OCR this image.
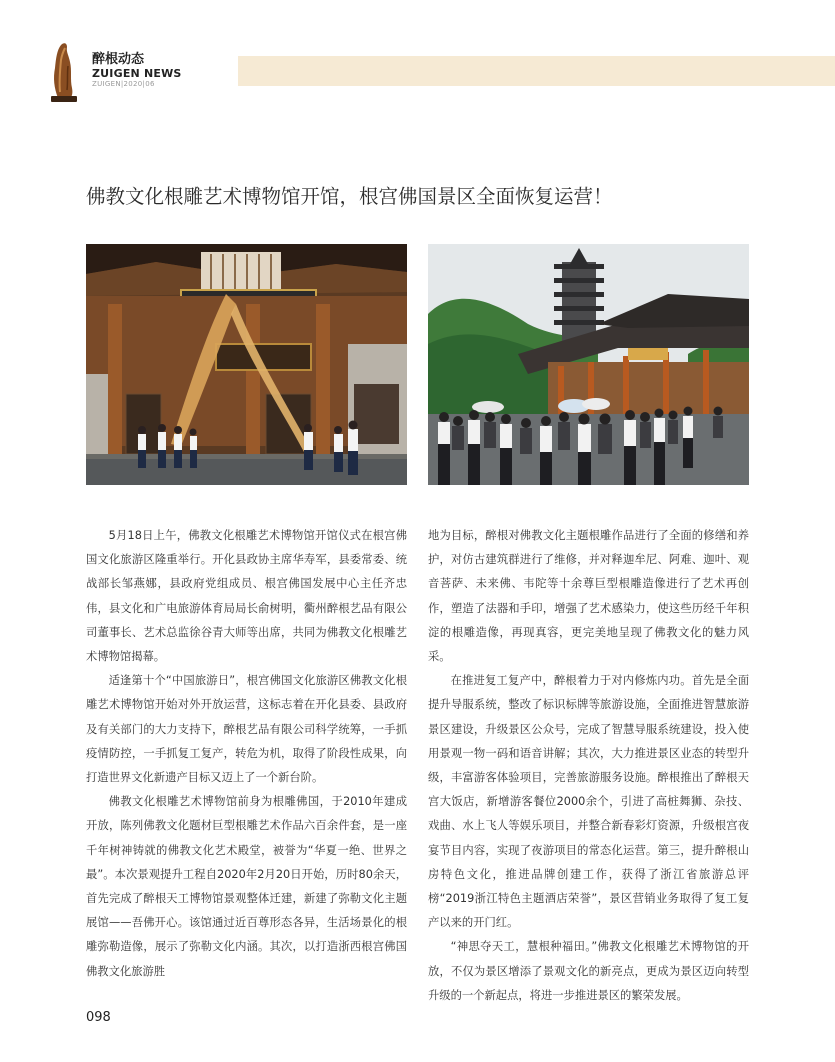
醉根动态
ZUIGEN NEWS
ZUIGEN|2020|06
佛教文化根雕艺术博物馆开馆，根宫佛国景区全面恢复运营！

5月18日上午，佛教文化根雕艺术博物馆开馆仪式在根宫佛国文化旅游区隆重举行。开化县政协主席华寿军，县委常委、统战部长邹燕娜，县政府党组成员、根宫佛国发展中心主任齐忠伟，县文化和广电旅游体育局局长俞树明，衢州醉根艺品有限公司董事长、艺术总监徐谷青大师等出席，共同为佛教文化根雕艺术博物馆揭幕。

适逢第十个“中国旅游日”，根宫佛国文化旅游区佛教文化根雕艺术博物馆开始对外开放运营，这标志着在开化县委、县政府及有关部门的大力支持下，醉根艺品有限公司科学统筹，一手抓疫情防控，一手抓复工复产，转危为机，取得了阶段性成果，向打造世界文化新遗产目标又迈上了一个新台阶。

佛教文化根雕艺术博物馆前身为根雕佛国，于2010年建成开放，陈列佛教文化题材巨型根雕艺术作品六百余件套，是一座千年树神铸就的佛教文化艺术殿堂，被誉为“华夏一绝、世界之最”。本次景观提升工程自2020年2月20日开始，历时80余天，首先完成了醉根天工博物馆景观整体迁建，新建了弥勒文化主题展馆——吾佛开心。该馆通过近百尊形态各异，生活场景化的根雕弥勒造像，展示了弥勒文化内涵。其次，以打造浙西根宫佛国佛教文化旅游胜

地为目标，醉根对佛教文化主题根雕作品进行了全面的修缮和养护，对仿古建筑群进行了维修，并对释迦牟尼、阿难、迦叶、观音菩萨、未来佛、韦陀等十余尊巨型根雕造像进行了艺术再创作，塑造了法器和手印，增强了艺术感染力，使这些历经千年积淀的根雕造像，再现真容，更完美地呈现了佛教文化的魅力风采。

在推进复工复产中，醉根着力于对内修炼内功。首先是全面提升导服系统，整改了标识标牌等旅游设施，全面推进智慧旅游景区建设，升级景区公众号，完成了智慧导服系统建设，投入使用景观一物一码和语音讲解；其次，大力推进景区业态的转型升级，丰富游客体验项目，完善旅游服务设施。醉根推出了醉根天宫大饭店，新增游客餐位2000余个，引进了高桩舞狮、杂技、戏曲、水上飞人等娱乐项目，并整合新春彩灯资源，升级根宫夜宴节目内容，实现了夜游项目的常态化运营。第三，提升醉根山房特色文化，推进品牌创建工作，获得了浙江省旅游总评榜“2019浙江特色主题酒店荣誉”，景区营销业务取得了复工复产以来的开门红。

“神思夺天工，慧根种福田。”佛教文化根雕艺术博物馆的开放，不仅为景区增添了景观文化的新亮点，更成为景区迈向转型升级的一个新起点，将进一步推进景区的繁荣发展。

098
